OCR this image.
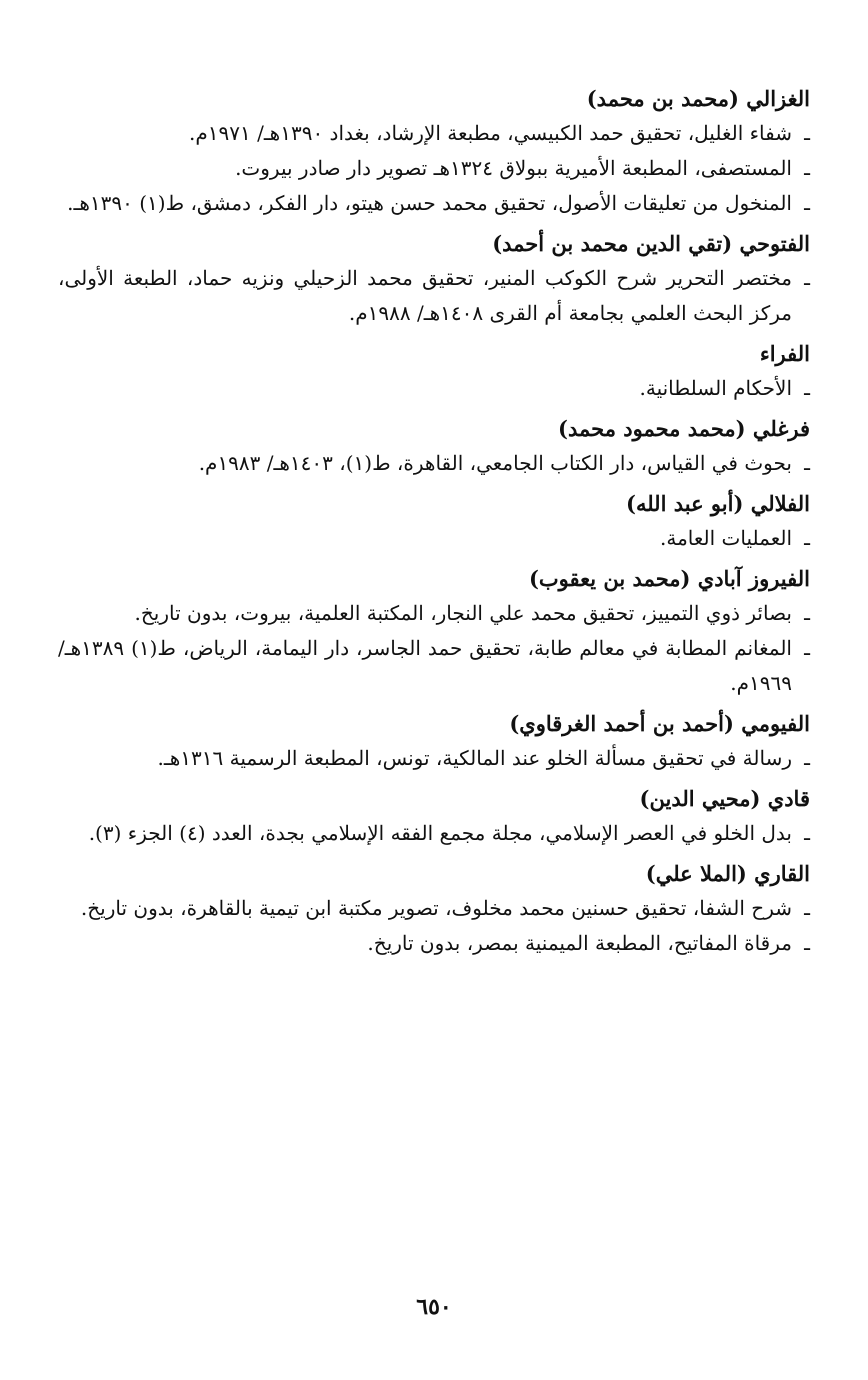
الغزالي (محمد بن محمد)
ـ
شفاء الغليل، تحقيق حمد الكبيسي، مطبعة الإرشاد، بغداد ١٣٩٠هـ/ ١٩٧١م.
ـ
المستصفى، المطبعة الأميرية ببولاق ١٣٢٤هـ تصوير دار صادر بيروت.
ـ
المنخول من تعليقات الأصول، تحقيق محمد حسن هيتو، دار الفكر، دمشق، ط(١) ١٣٩٠هـ.
الفتوحي (تقي الدين محمد بن أحمد)
ـ
مختصر التحرير شرح الكوكب المنير، تحقيق محمد الزحيلي ونزيه حماد، الطبعة الأولى، مركز البحث العلمي بجامعة أم القرى ١٤٠٨هـ/ ١٩٨٨م.
الفراء
ـ
الأحكام السلطانية.
فرغلي (محمد محمود محمد)
ـ
بحوث في القياس، دار الكتاب الجامعي، القاهرة، ط(١)، ١٤٠٣هـ/ ١٩٨٣م.
الفلالي (أبو عبد الله)
ـ
العمليات العامة.
الفيروز آبادي (محمد بن يعقوب)
ـ
بصائر ذوي التمييز، تحقيق محمد علي النجار، المكتبة العلمية، بيروت، بدون تاريخ.
ـ
المغانم المطابة في معالم طابة، تحقيق حمد الجاسر، دار اليمامة، الرياض، ط(١) ١٣٨٩هـ/ ١٩٦٩م.
الفيومي (أحمد بن أحمد الغرقاوي)
ـ
رسالة في تحقيق مسألة الخلو عند المالكية، تونس، المطبعة الرسمية ١٣١٦هـ.
قادي (محيي الدين)
ـ
بدل الخلو في العصر الإسلامي، مجلة مجمع الفقه الإسلامي بجدة، العدد (٤) الجزء (٣).
القاري (الملا علي)
ـ
شرح الشفا، تحقيق حسنين محمد مخلوف، تصوير مكتبة ابن تيمية بالقاهرة، بدون تاريخ.
ـ
مرقاة المفاتيح، المطبعة الميمنية بمصر، بدون تاريخ.
٦٥٠
